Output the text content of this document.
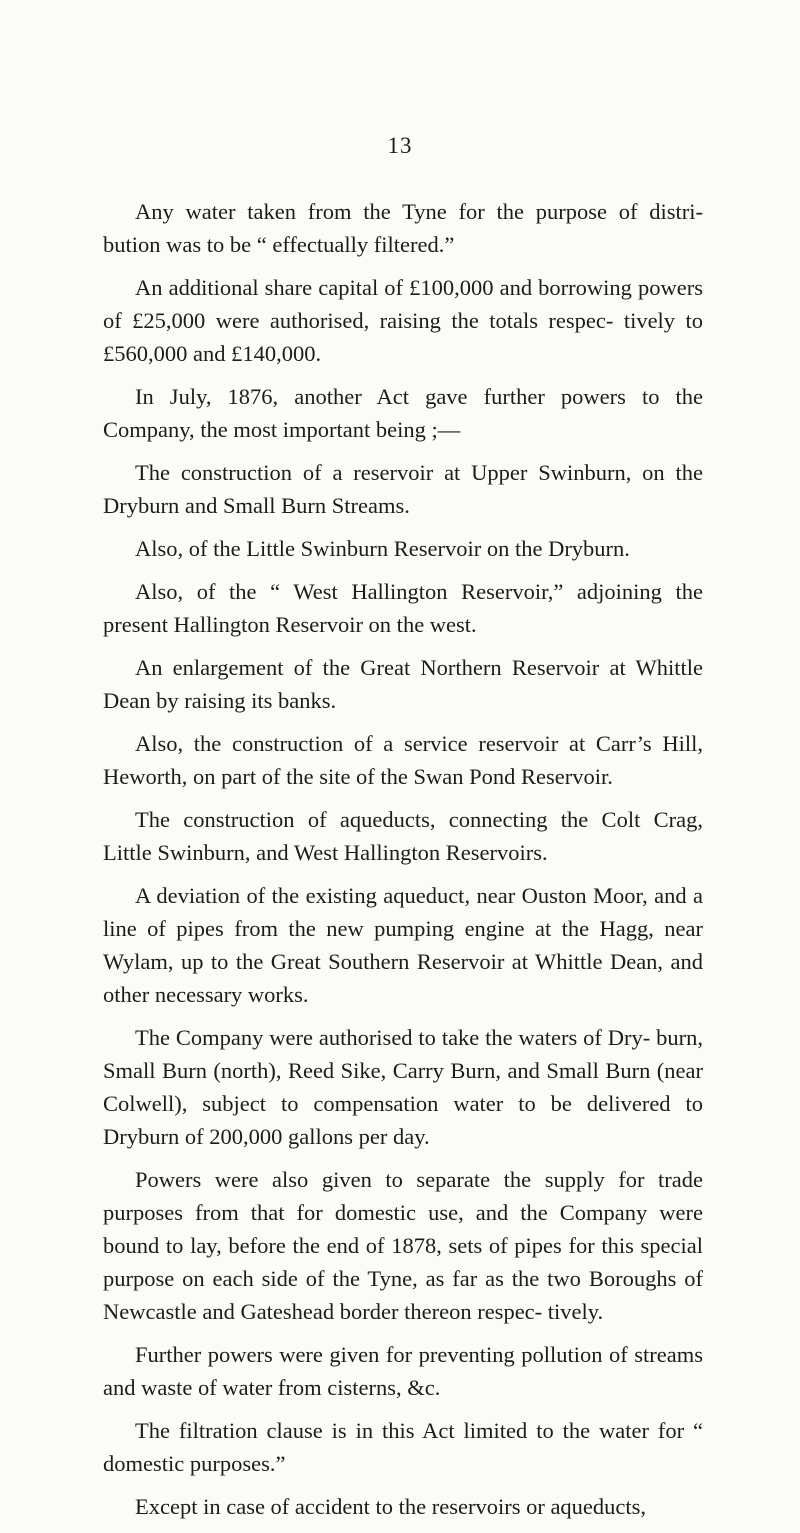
13

Any water taken from the Tyne for the purpose of distri- bution was to be “ effectually filtered.”

An additional share capital of £100,000 and borrowing powers of £25,000 were authorised, raising the totals respec- tively to £560,000 and £140,000.

In July, 1876, another Act gave further powers to the Company, the most important being ;—

The construction of a reservoir at Upper Swinburn, on the Dryburn and Small Burn Streams.

Also, of the Little Swinburn Reservoir on the Dryburn.

Also, of the “ West Hallington Reservoir,” adjoining the present Hallington Reservoir on the west.

An enlargement of the Great Northern Reservoir at Whittle Dean by raising its banks.

Also, the construction of a service reservoir at Carr’s Hill, Heworth, on part of the site of the Swan Pond Reservoir.

The construction of aqueducts, connecting the Colt Crag, Little Swinburn, and West Hallington Reservoirs.

A deviation of the existing aqueduct, near Ouston Moor, and a line of pipes from the new pumping engine at the Hagg, near Wylam, up to the Great Southern Reservoir at Whittle Dean, and other necessary works.

The Company were authorised to take the waters of Dry- burn, Small Burn (north), Reed Sike, Carry Burn, and Small Burn (near Colwell), subject to compensation water to be delivered to Dryburn of 200,000 gallons per day.

Powers were also given to separate the supply for trade purposes from that for domestic use, and the Company were bound to lay, before the end of 1878, sets of pipes for this special purpose on each side of the Tyne, as far as the two Boroughs of Newcastle and Gateshead border thereon respec- tively.

Further powers were given for preventing pollution of streams and waste of water from cisterns, &c.

The filtration clause is in this Act limited to the water for “ domestic purposes.”

Except in case of accident to the reservoirs or aqueducts,
